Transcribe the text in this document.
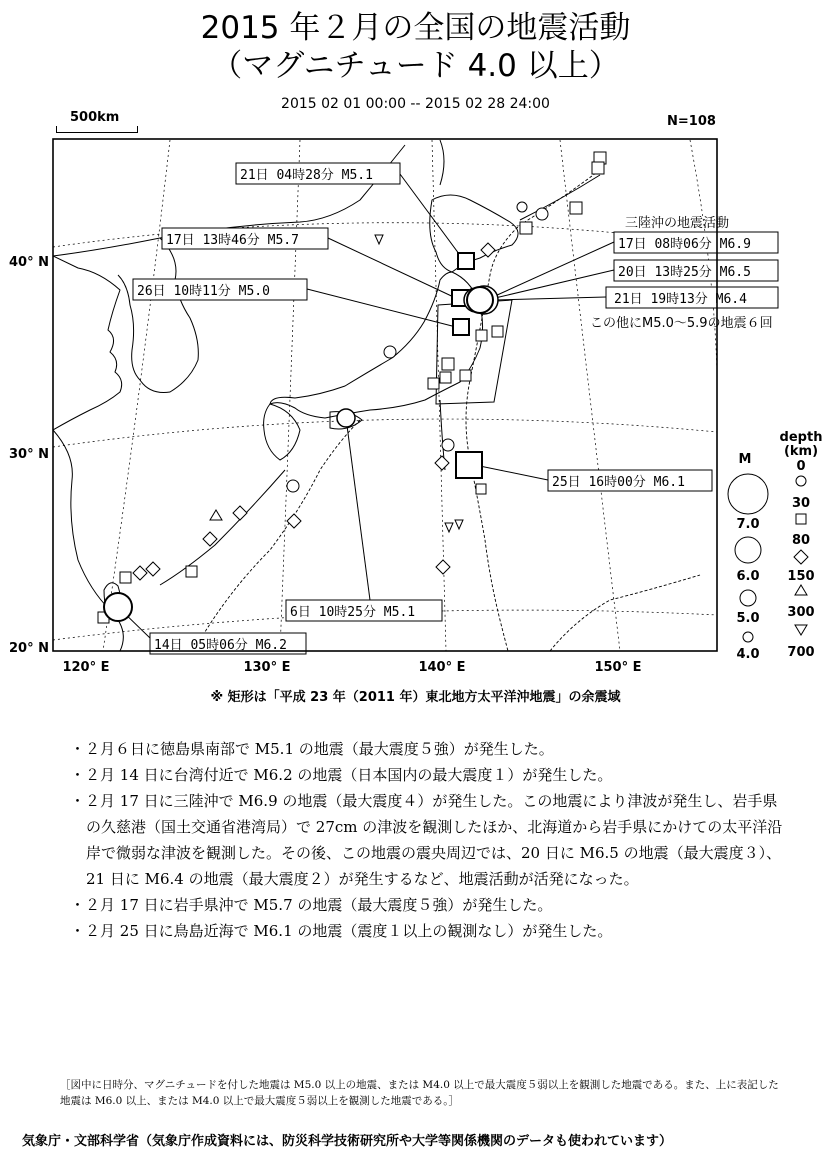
2015 年２月の全国の地震活動
（マグニチュード 4.0 以上）
2015 02 01 00:00 -- 2015 02 28 24:00
500km	N=108
三陸沖の地震活動
この他にM5.0～5.9の地震６回
21日 04時28分 M5.1
17日 13時46分 M5.7
26日 10時11分 M5.0
17日 08時06分 M6.9
20日 13時25分 M6.5
21日 19時13分 M6.4
25日 16時00分 M6.1
6日 10時25分 M5.1
14日 05時06分 M6.2
40° N
30° N
20° N
120° E	130° E	140° E	150° E
M
7.0
6.0
5.0
4.0
depth
(km)
0
30
80
150
300
700
※ 矩形は「平成 23 年（2011 年）東北地方太平洋沖地震」の余震域
・ ２月６日に徳島県南部で M5.1 の地震（最大震度５強）が発生した。
・ ２月 14 日に台湾付近で M6.2 の地震（日本国内の最大震度１）が発生した。
・ ２月 17 日に三陸沖で M6.9 の地震（最大震度４）が発生した。この地震により津波が発生し、岩手県の久慈港（国土交通省港湾局）で 27cm の津波を観測したほか、北海道から岩手県にかけての太平洋沿岸で微弱な津波を観測した。その後、この地震の震央周辺では、20 日に M6.5 の地震（最大震度３）、21 日に M6.4 の地震（最大震度２）が発生するなど、地震活動が活発になった。
・ ２月 17 日に岩手県沖で M5.7 の地震（最大震度５強）が発生した。
・ ２月 25 日に鳥島近海で M6.1 の地震（震度１以上の観測なし）が発生した。
［図中に日時分、マグニチュードを付した地震は M5.0 以上の地震、または M4.0 以上で最大震度５弱以上を観測した地震である。また、上に表記した地震は M6.0 以上、または M4.0 以上で最大震度５弱以上を観測した地震である。］
気象庁・文部科学省（気象庁作成資料には、防災科学技術研究所や大学等関係機関のデータも使われています）
